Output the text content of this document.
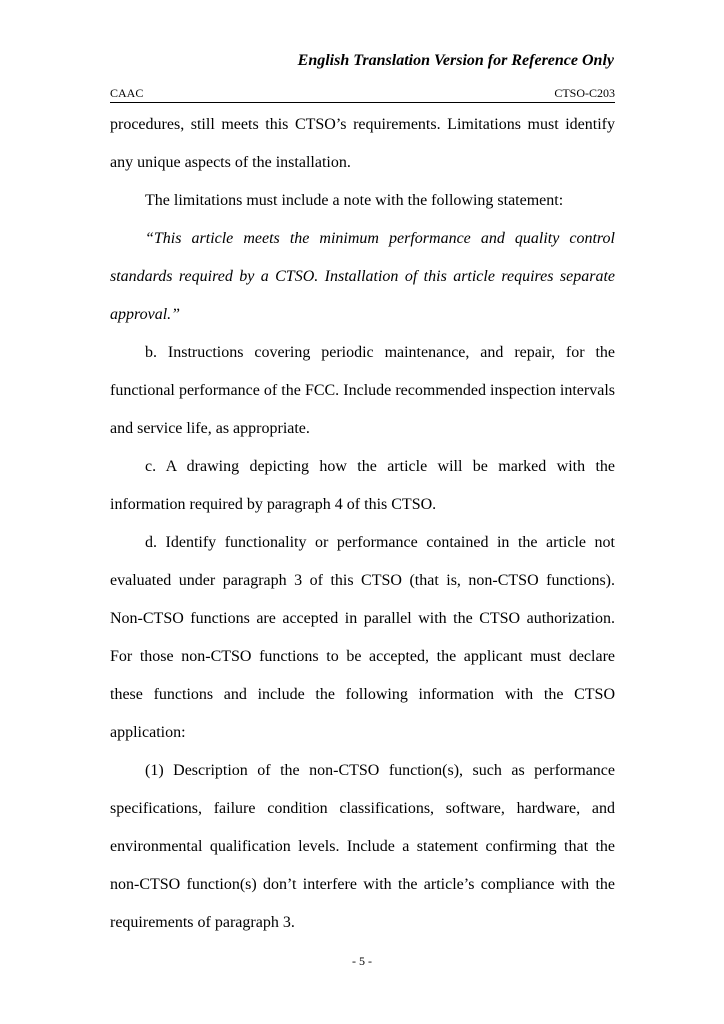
English Translation Version for Reference Only
CAAC	CTSO-C203

procedures, still meets this CTSO’s requirements. Limitations must identify any unique aspects of the installation.

The limitations must include a note with the following statement:

“This article meets the minimum performance and quality control standards required by a CTSO. Installation of this article requires separate approval.”

b. Instructions covering periodic maintenance, and repair, for the functional performance of the FCC. Include recommended inspection intervals and service life, as appropriate.

c. A drawing depicting how the article will be marked with the information required by paragraph 4 of this CTSO.

d. Identify functionality or performance contained in the article not evaluated under paragraph 3 of this CTSO (that is, non-CTSO functions). Non-CTSO functions are accepted in parallel with the CTSO authorization. For those non-CTSO functions to be accepted, the applicant must declare these functions and include the following information with the CTSO application:

(1) Description of the non-CTSO function(s), such as performance specifications, failure condition classifications, software, hardware, and environmental qualification levels. Include a statement confirming that the non-CTSO function(s) don’t interfere with the article’s compliance with the requirements of paragraph 3.

- 5 -
